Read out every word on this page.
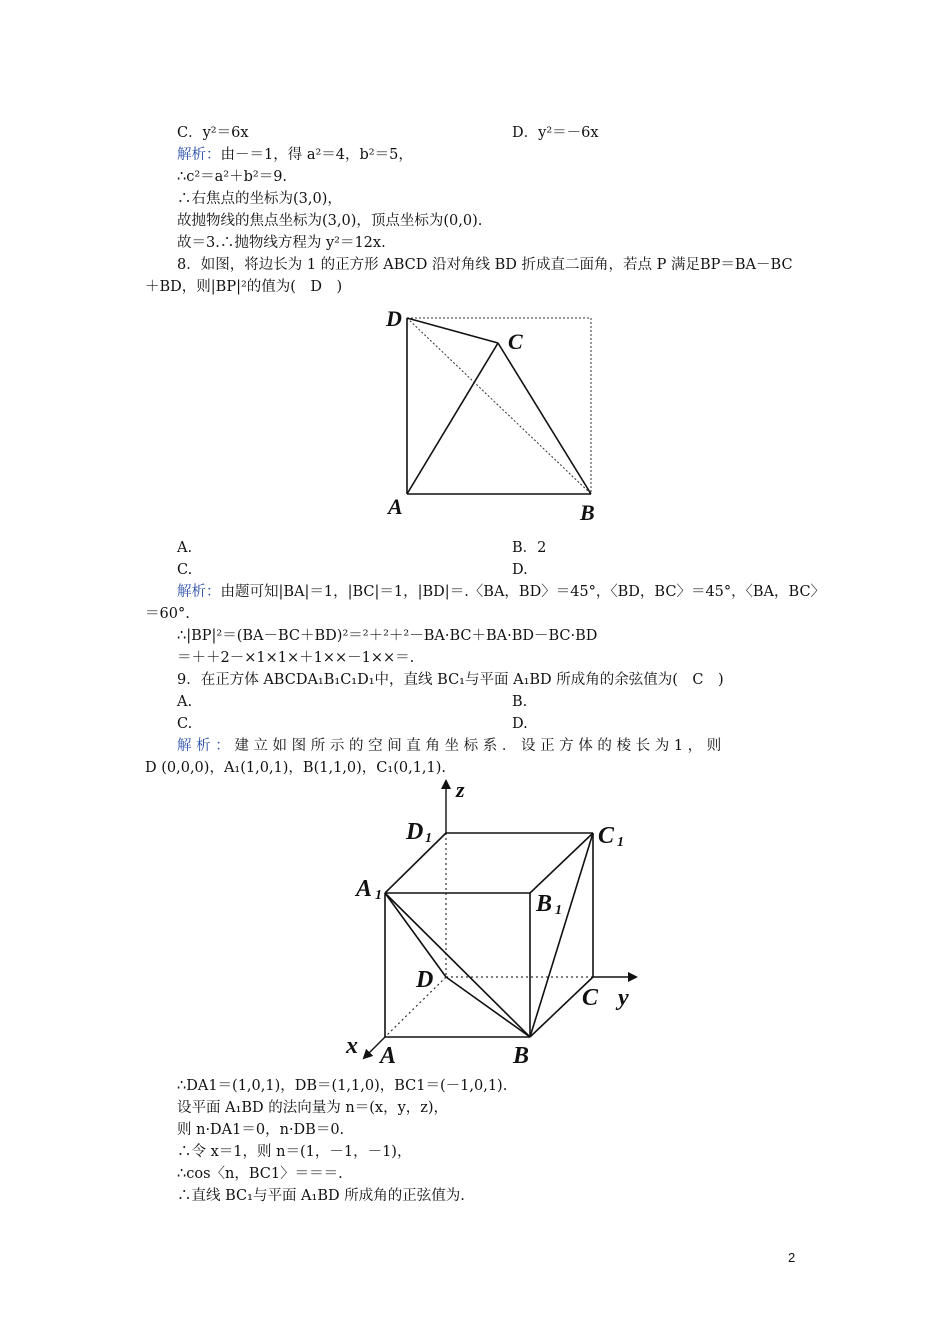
C．y²＝6x	D．y²＝－6x
解析：由－＝1，得 a²＝4，b²＝5，
∴c²＝a²＋b²＝9.
∴右焦点的坐标为(3,0)，
故抛物线的焦点坐标为(3,0)，顶点坐标为(0,0).
故＝3.∴抛物线方程为 y²＝12x.
8．如图，将边长为 1 的正方形 ABCD 沿对角线 BD 折成直二面角，若点 P 满足BP＝BA－BC
＋BD，则|BP|²的值为(　D　)
D
C
A	B
A.	B．2
C.	D.
解析：由题可知|BA|＝1，|BC|＝1，|BD|＝.〈BA，BD〉＝45°，〈BD，BC〉＝45°，〈BA，BC〉
＝60°.
∴|BP|²＝(BA－BC＋BD)²＝²＋²＋²－BA·BC＋BA·BD－BC·BD
＝＋＋2－×1×1×＋1××－1××＝.
9．在正方体 ABCDA₁B₁C₁D₁中，直线 BC₁与平面 A₁BD 所成角的余弦值为(　C　)
A.	B.
C.	D.
解 析 ： 建 立 如 图 所 示 的 空 间 直 角 坐 标 系 ． 设 正 方 体 的 棱 长 为 1 ， 则
D (0,0,0)，A₁(1,0,1)，B(1,1,0)，C₁(0,1,1).
z
y
x
D 1	C 1
A 1	B 1
D
C
A	B
∴DA1＝(1,0,1)，DB＝(1,1,0)，BC1＝(－1,0,1).
设平面 A₁BD 的法向量为 n＝(x，y，z)，
则 n·DA1＝0，n·DB＝0.
∴令 x＝1，则 n＝(1，－1，－1)，
∴cos〈n，BC1〉＝＝＝.
∴直线 BC₁与平面 A₁BD 所成角的正弦值为.
2
